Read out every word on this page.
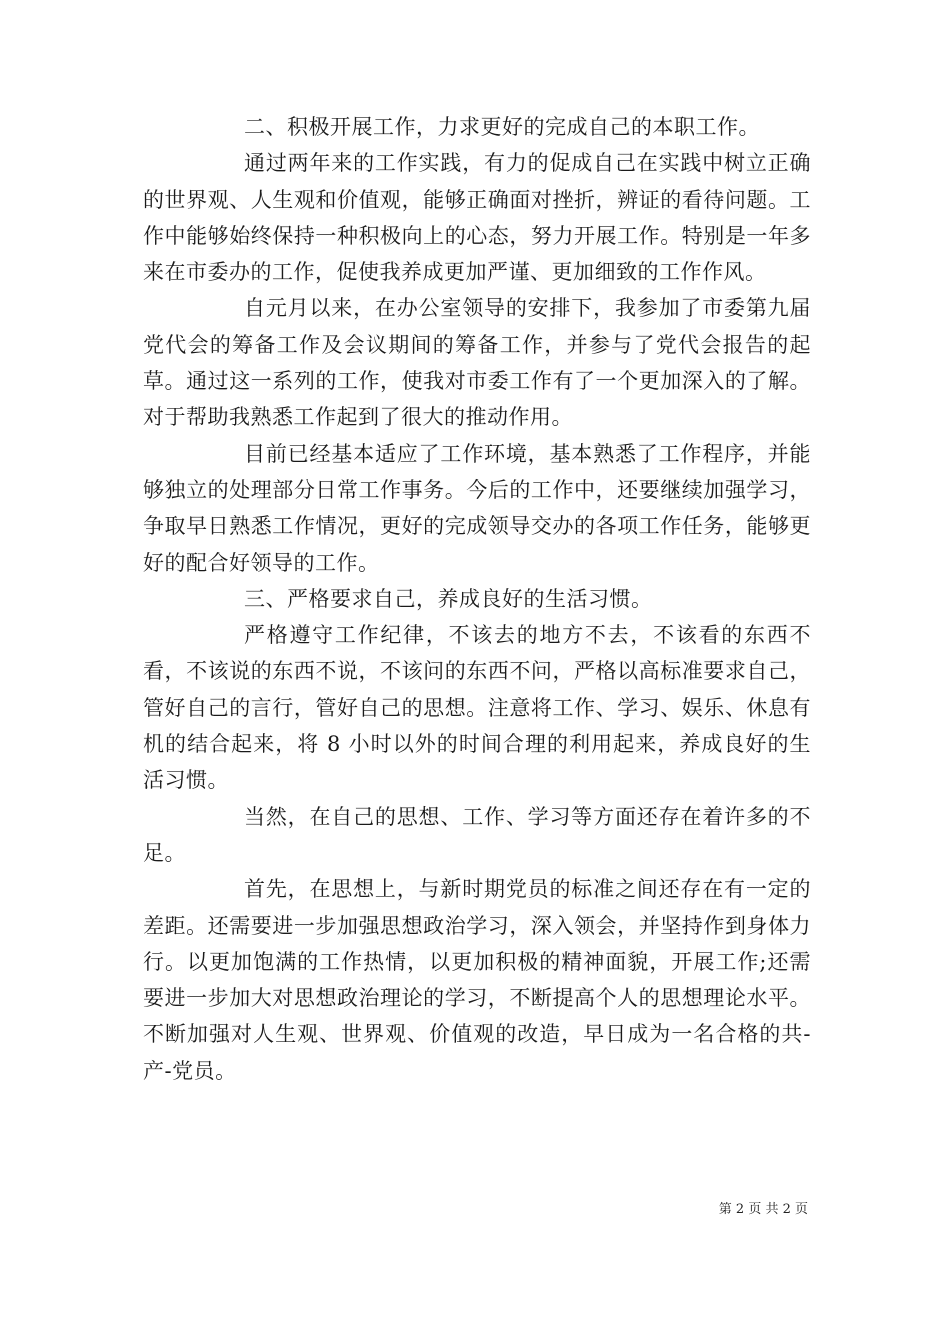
二、积极开展工作，力求更好的完成自己的本职工作。

通过两年来的工作实践，有力的促成自己在实践中树立正确的世界观、人生观和价值观，能够正确面对挫折，辨证的看待问题。工作中能够始终保持一种积极向上的心态，努力开展工作。特别是一年多来在市委办的工作，促使我养成更加严谨、更加细致的工作作风。

自元月以来，在办公室领导的安排下，我参加了市委第九届党代会的筹备工作及会议期间的筹备工作，并参与了党代会报告的起草。通过这一系列的工作，使我对市委工作有了一个更加深入的了解。对于帮助我熟悉工作起到了很大的推动作用。

目前已经基本适应了工作环境，基本熟悉了工作程序，并能够独立的处理部分日常工作事务。今后的工作中，还要继续加强学习，争取早日熟悉工作情况，更好的完成领导交办的各项工作任务，能够更好的配合好领导的工作。

三、严格要求自己，养成良好的生活习惯。

严格遵守工作纪律，不该去的地方不去，不该看的东西不看，不该说的东西不说，不该问的东西不问，严格以高标准要求自己，管好自己的言行，管好自己的思想。注意将工作、学习、娱乐、休息有机的结合起来，将 8 小时以外的时间合理的利用起来，养成良好的生活习惯。

当然，在自己的思想、工作、学习等方面还存在着许多的不足。

首先，在思想上，与新时期党员的标准之间还存在有一定的差距。还需要进一步加强思想政治学习，深入领会，并坚持作到身体力行。以更加饱满的工作热情，以更加积极的精神面貌，开展工作;还需要进一步加大对思想政治理论的学习，不断提高个人的思想理论水平。不断加强对人生观、世界观、价值观的改造，早日成为一名合格的共-产-党员。

第 2 页 共 2 页
